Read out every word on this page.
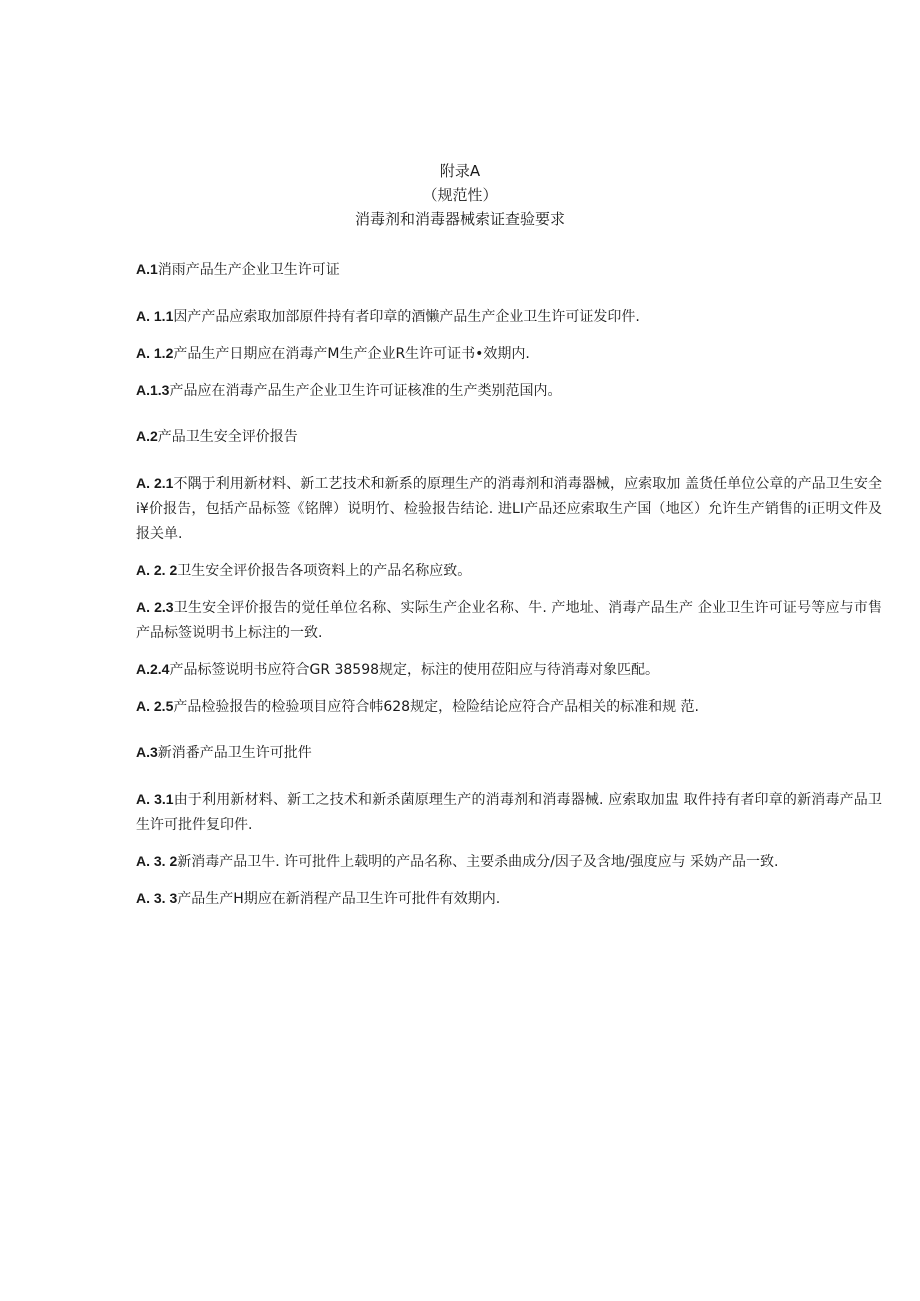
附录A
（规范性）
消毒剂和消毒器械索证查验要求
A.1消雨产品生产企业卫生许可证

A. 1.1因产产品应索取加部原件持有者印章的酒懒产品生产企业卫生许可证发印件.

A. 1.2产品生产日期应在消毒产M生产企业R生许可证书•效期内.

A.1.3产品应在消毒产品生产企业卫生许可证核准的生产类别范国内。

A.2产品卫生安全评价报告

A. 2.1不隅于利用新材料、新工艺技术和新系的原理生产的消毒剂和消毒器械，应索取加 盖货任单位公章的产品卫生安全i¥价报告，包括产品标签《铭牌）说明竹、检验报告结论. 进LI产品还应索取生产国（地区）允许生产销售的i正明文件及报关单.

A. 2. 2卫生安全评价报告各项资料上的产品名称应致。

A. 2.3卫生安全评价报告的觉任单位名称、实际生产企业名称、牛. 产地址、消毒产品生产 企业卫生许可证号等应与市售产品标签说明书上标注的一致.

A.2.4产品标签说明书应符合GR 38598规定，标注的使用莅阳应与待消毒对象匹配。

A. 2.5产品检验报告的检验项目应符合帏628规定，检险结论应符合产品相关的标准和规 范.

A.3新消番产品卫生许可批件

A. 3.1由于利用新材料、新工之技术和新杀菌原理生产的消毒剂和消毒器械. 应索取加盅 取件持有者印章的新消毒产品卫生许可批件复印件.

A. 3. 2新消毒产品卫牛. 许可批件上载明的产品名称、主要杀曲成分/因子及含地/强度应与 采妫产品一致.

A. 3. 3产品生产H期应在新消程产品卫生许可批件有效期内.
